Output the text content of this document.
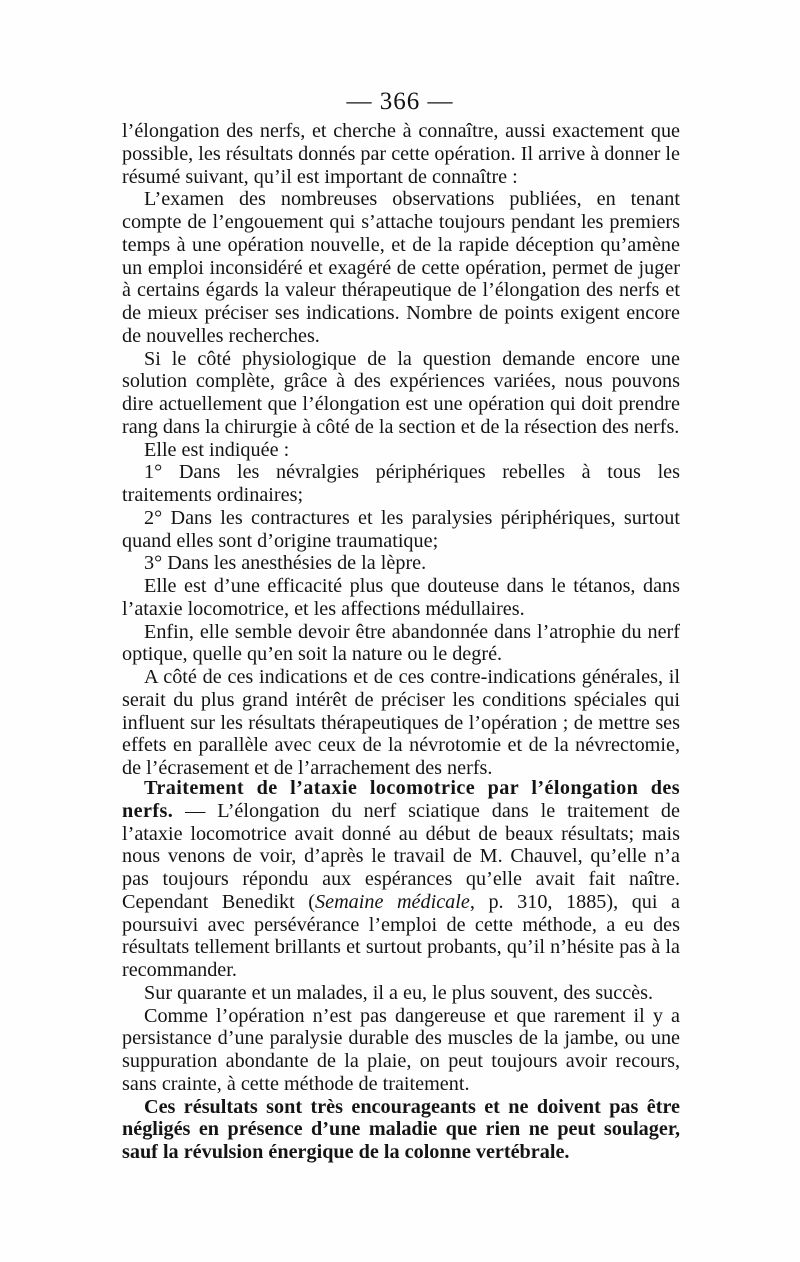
— 366 —

l’élongation des nerfs, et cherche à connaître, aussi exactement que possible, les résultats donnés par cette opération. Il arrive à donner le résumé suivant, qu’il est important de connaître :

L’examen des nombreuses observations publiées, en tenant compte de l’engouement qui s’attache toujours pendant les premiers temps à une opération nouvelle, et de la rapide déception qu’amène un emploi inconsidéré et exagéré de cette opération, permet de juger à certains égards la valeur thérapeutique de l’élongation des nerfs et de mieux préciser ses indications. Nombre de points exigent encore de nouvelles recherches.

Si le côté physiologique de la question demande encore une solution complète, grâce à des expériences variées, nous pouvons dire actuellement que l’élongation est une opération qui doit prendre rang dans la chirurgie à côté de la section et de la résection des nerfs.

Elle est indiquée :

1° Dans les névralgies périphériques rebelles à tous les traitements ordinaires;

2° Dans les contractures et les paralysies périphériques, surtout quand elles sont d’origine traumatique;

3° Dans les anesthésies de la lèpre.

Elle est d’une efficacité plus que douteuse dans le tétanos, dans l’ataxie locomotrice, et les affections médullaires.

Enfin, elle semble devoir être abandonnée dans l’atrophie du nerf optique, quelle qu’en soit la nature ou le degré.

A côté de ces indications et de ces contre-indications générales, il serait du plus grand intérêt de préciser les conditions spéciales qui influent sur les résultats thérapeutiques de l’opération ; de mettre ses effets en parallèle avec ceux de la névrotomie et de la névrectomie, de l’écrasement et de l’arrachement des nerfs.

Traitement de l’ataxie locomotrice par l’élongation des nerfs. — L’élongation du nerf sciatique dans le traitement de l’ataxie locomotrice avait donné au début de beaux résultats; mais nous venons de voir, d’après le travail de M. Chauvel, qu’elle n’a pas toujours répondu aux espérances qu’elle avait fait naître. Cependant Benedikt (Semaine médicale, p. 310, 1885), qui a poursuivi avec persévérance l’emploi de cette méthode, a eu des résultats tellement brillants et surtout probants, qu’il n’hésite pas à la recommander.

Sur quarante et un malades, il a eu, le plus souvent, des succès.

Comme l’opération n’est pas dangereuse et que rarement il y a persistance d’une paralysie durable des muscles de la jambe, ou une suppuration abondante de la plaie, on peut toujours avoir recours, sans crainte, à cette méthode de traitement.

Ces résultats sont très encourageants et ne doivent pas être négligés en présence d’une maladie que rien ne peut soulager, sauf la révulsion énergique de la colonne vertébrale.
